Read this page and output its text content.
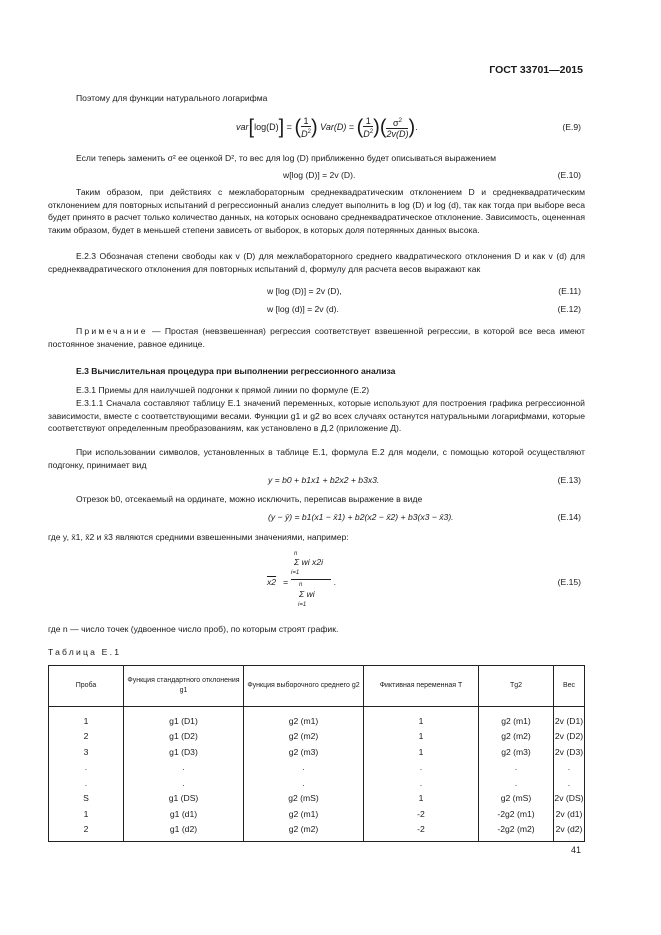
ГОСТ 33701—2015
Поэтому для функции натурального логарифма
var[log(D)] = ( $\frac{1}{D^2}$ ) Var(D) = ( $\frac{1}{D^2}$ )( $\frac{\sigma^2}{2v(D)}$ ).	(E.9)
Если теперь заменить σ² ее оценкой D², то вес для log (D) приближенно будет описываться выражением
w[log (D)] = 2v (D).	(E.10)
Таким образом, при действиях с межлабораторным среднеквадратическим отклонением D и среднеквадратическим отклонением для повторных испытаний d регрессионный анализ следует выполнить в log (D) и log (d), так как тогда при выборе веса будет принято в расчет только количество данных, на которых основано среднеквадратическое отклонение. Зависимость, оцененная таким образом, будет в меньшей степени зависеть от выборок, в которых доля потерянных данных высока.
E.2.3 Обозначая степени свободы как v (D) для межлабораторного среднего квадратического отклонения D и как v (d) для среднеквадратического отклонения для повторных испытаний d, формулу для расчета весов выражают как
w [log (D)] = 2v (D),	(E.11)
w [log (d)] = 2v (d).	(E.12)
Примечание — Простая (невзвешенная) регрессия соответствует взвешенной регрессии, в которой все веса имеют постоянное значение, равное единице.
E.3 Вычислительная процедура при выполнении регрессионного анализа
E.3.1 Приемы для наилучшей подгонки к прямой линии по формуле (E.2)
E.3.1.1 Сначала составляют таблицу E.1 значений переменных, которые используют для построения графика регрессионной зависимости, вместе с соответствующими весами. Функции g1 и g2 во всех случаях останутся натуральными логарифмами, которые соответствуют определенным преобразованиям, как установлено в Д.2 (приложение Д).
При использовании символов, установленных в таблице E.1, формула E.2 для модели, с помощью которой осуществляют подгонку, принимает вид
y = b0 + b1x1 + b2x2 + b3x3.	(E.13)
Отрезок b0, отсекаемый на ординате, можно исключить, переписав выражение в виде
(y − ȳ) = b1(x1 − x̄1) + b2(x2 − x̄2) + b3(x3 − x̄3).	(E.14)
где y, x̄1, x̄2 и x̄3 являются средними взвешенными значениями, например:
x2 =
n
Σ wi x2i
i=1
n
Σ wi
i=1
.	(E.15)
где n — число точек (удвоенное число проб), по которым строят график.
Таблица E.1
Проба	Функция стандартного отклонения g1	Функция выборочного среднего g2	Фиктивная переменная T	Tg2	Вес
1	g1 (D1)	g2 (m1)	1	g2 (m1)	2v (D1)
2	g1 (D2)	g2 (m2)	1	g2 (m2)	2v (D2)
3	g1 (D3)	g2 (m3)	1	g2 (m3)	2v (D3)
.	.	.	.	.	.
.	.	.	.	.	.
S	g1 (DS)	g2 (mS)	1	g2 (mS)	2v (DS)
1	g1 (d1)	g2 (m1)	-2	-2g2 (m1)	2v (d1)
2	g1 (d2)	g2 (m2)	-2	-2g2 (m2)	2v (d2)
41
